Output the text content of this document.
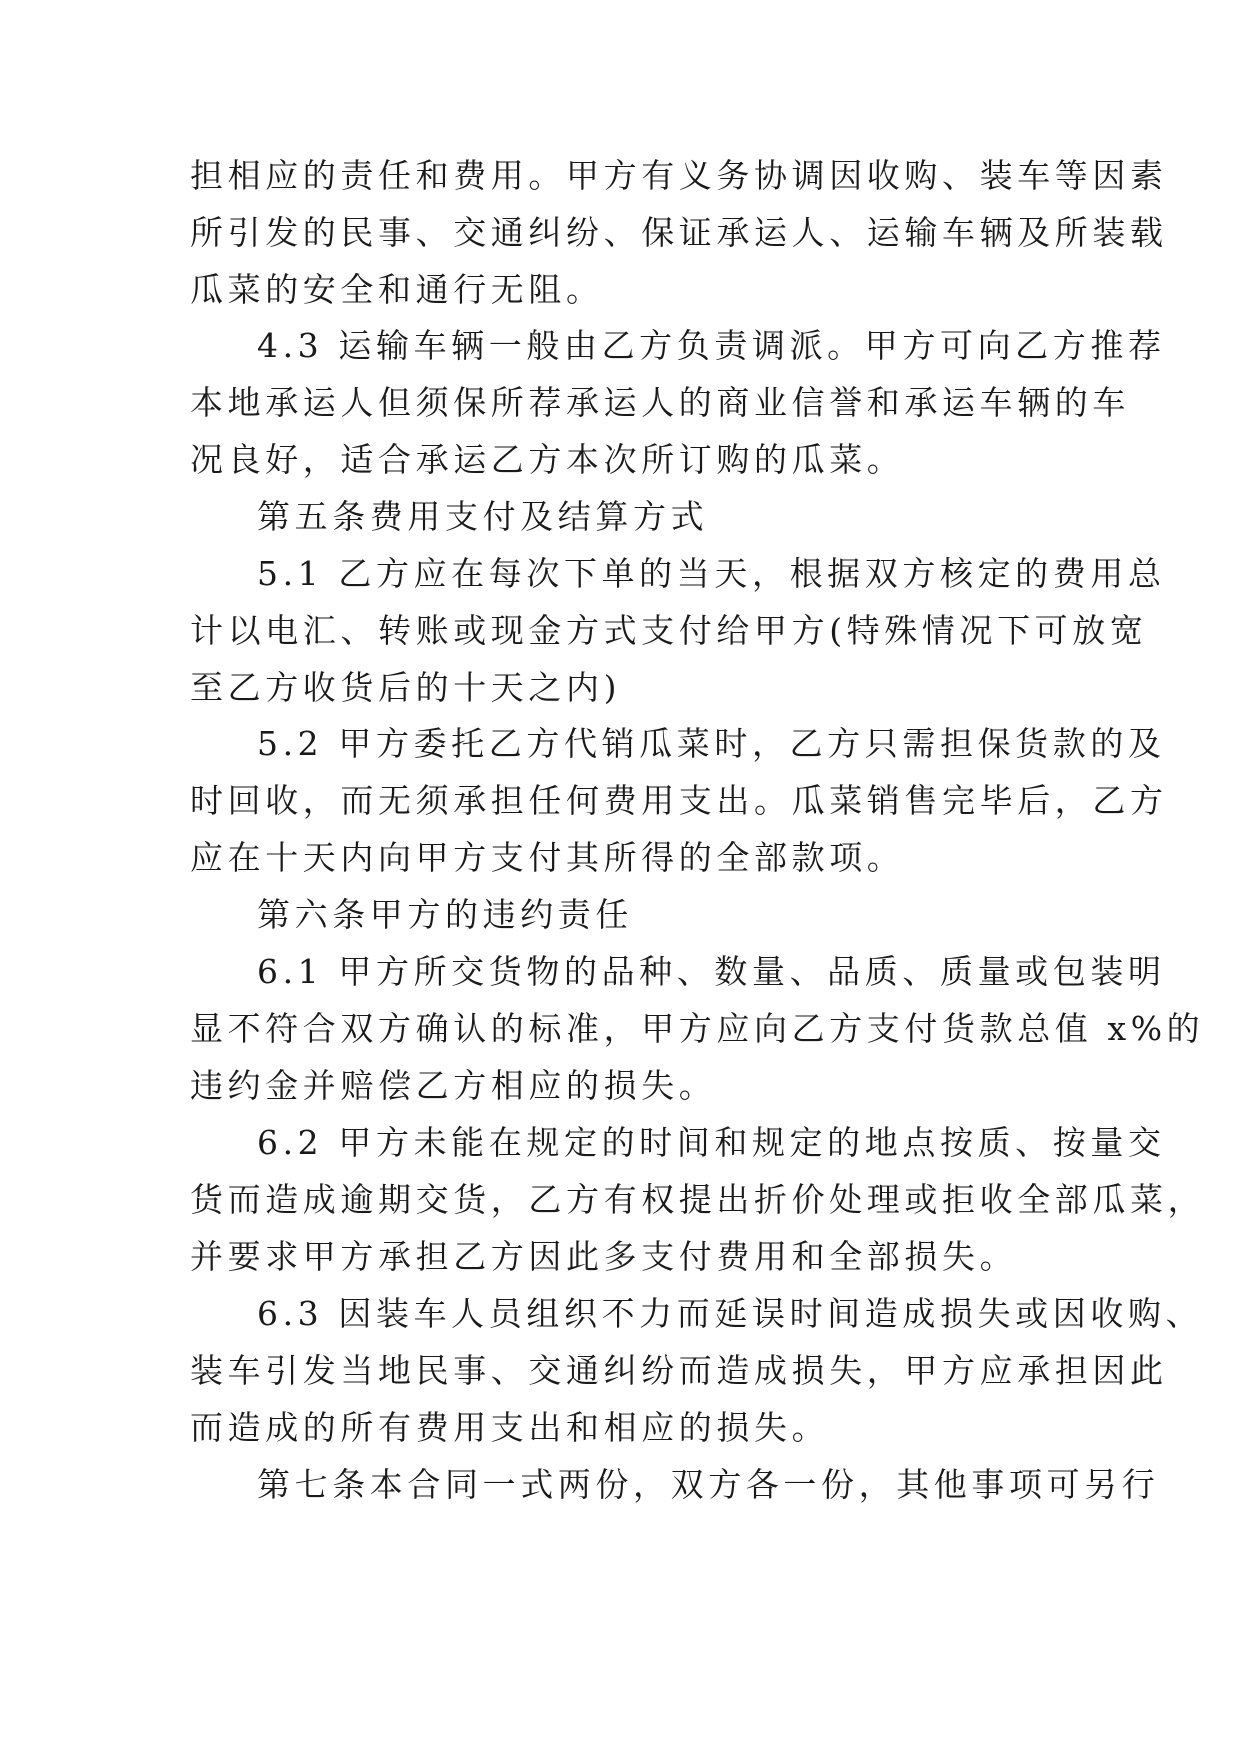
担相应的责任和费用。甲方有义务协调因收购、装车等因素
所引发的民事、交通纠纷、保证承运人、运输车辆及所装载
瓜菜的安全和通行无阻。
4.3 运输车辆一般由乙方负责调派。甲方可向乙方推荐
本地承运人但须保所荐承运人的商业信誉和承运车辆的车
况良好，适合承运乙方本次所订购的瓜菜。
第五条费用支付及结算方式
5.1 乙方应在每次下单的当天，根据双方核定的费用总
计以电汇、转账或现金方式支付给甲方(特殊情况下可放宽
至乙方收货后的十天之内)
5.2 甲方委托乙方代销瓜菜时，乙方只需担保货款的及
时回收，而无须承担任何费用支出。瓜菜销售完毕后，乙方
应在十天内向甲方支付其所得的全部款项。
第六条甲方的违约责任
6.1 甲方所交货物的品种、数量、品质、质量或包装明
显不符合双方确认的标准，甲方应向乙方支付货款总值 x%的
违约金并赔偿乙方相应的损失。
6.2 甲方未能在规定的时间和规定的地点按质、按量交
货而造成逾期交货，乙方有权提出折价处理或拒收全部瓜菜，
并要求甲方承担乙方因此多支付费用和全部损失。
6.3 因装车人员组织不力而延误时间造成损失或因收购、
装车引发当地民事、交通纠纷而造成损失，甲方应承担因此
而造成的所有费用支出和相应的损失。
第七条本合同一式两份，双方各一份，其他事项可另行
